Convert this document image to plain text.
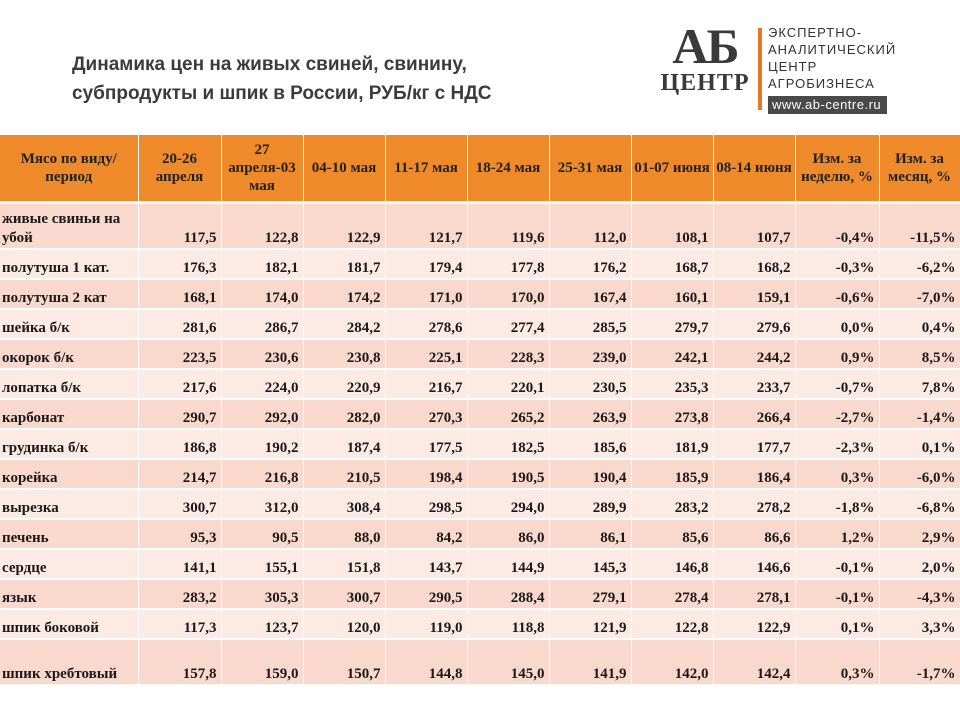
Динамика цен на живых свиней, свинину,
субпродукты и шпик в России, РУБ/кг с НДС
АБ
ЦЕНТР
ЭКСПЕРТНО-
АНАЛИТИЧЕСКИЙ
ЦЕНТР
АГРОБИЗНЕСА
www.ab-centre.ru
Мясо по виду/период	20-26 апреля	27 апреля-03 мая	04-10 мая	11-17 мая	18-24 мая	25-31 мая	01-07 июня	08-14 июня	Изм. за неделю, %	Изм. за месяц, %
живые свиньи на убой	117,5	122,8	122,9	121,7	119,6	112,0	108,1	107,7	-0,4%	-11,5%
полутуша 1 кат.	176,3	182,1	181,7	179,4	177,8	176,2	168,7	168,2	-0,3%	-6,2%
полутуша 2 кат	168,1	174,0	174,2	171,0	170,0	167,4	160,1	159,1	-0,6%	-7,0%
шейка б/к	281,6	286,7	284,2	278,6	277,4	285,5	279,7	279,6	0,0%	0,4%
окорок б/к	223,5	230,6	230,8	225,1	228,3	239,0	242,1	244,2	0,9%	8,5%
лопатка б/к	217,6	224,0	220,9	216,7	220,1	230,5	235,3	233,7	-0,7%	7,8%
карбонат	290,7	292,0	282,0	270,3	265,2	263,9	273,8	266,4	-2,7%	-1,4%
грудинка б/к	186,8	190,2	187,4	177,5	182,5	185,6	181,9	177,7	-2,3%	0,1%
корейка	214,7	216,8	210,5	198,4	190,5	190,4	185,9	186,4	0,3%	-6,0%
вырезка	300,7	312,0	308,4	298,5	294,0	289,9	283,2	278,2	-1,8%	-6,8%
печень	95,3	90,5	88,0	84,2	86,0	86,1	85,6	86,6	1,2%	2,9%
сердце	141,1	155,1	151,8	143,7	144,9	145,3	146,8	146,6	-0,1%	2,0%
язык	283,2	305,3	300,7	290,5	288,4	279,1	278,4	278,1	-0,1%	-4,3%
шпик боковой	117,3	123,7	120,0	119,0	118,8	121,9	122,8	122,9	0,1%	3,3%
шпик хребтовый	157,8	159,0	150,7	144,8	145,0	141,9	142,0	142,4	0,3%	-1,7%
